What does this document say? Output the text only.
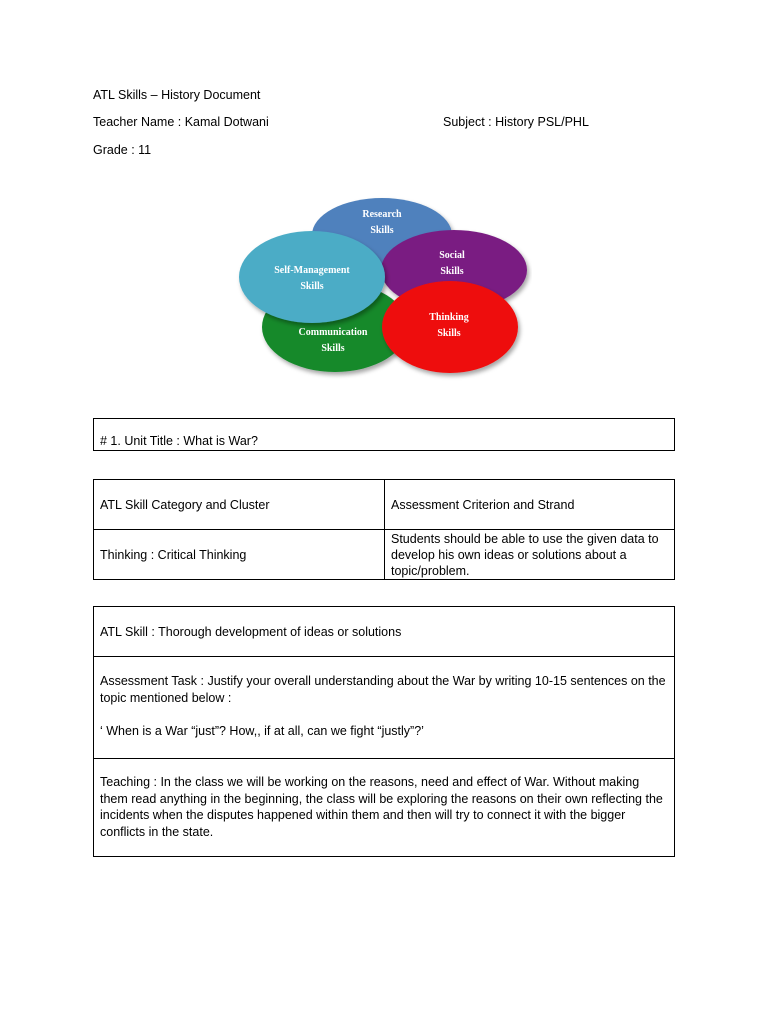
ATL Skills – History Document
Teacher Name : Kamal Dotwani	Subject : History PSL/PHL
Grade : 11
Research
Skills
Social
Skills
Communication
Skills
Thinking
Skills
Self-Management
Skills
# 1. Unit Title : What is War?
ATL Skill Category and Cluster	Assessment Criterion and Strand
Thinking : Critical Thinking
Students should be able to use the given data to develop his own ideas or solutions about a topic/problem.
ATL Skill : Thorough development of ideas or solutions

Assessment Task : Justify your overall understanding about the War by writing 10-15 sentences on the topic mentioned below :

‘ When is a War “just”? How,, if at all, can we fight “justly”?’

Teaching : In the class we will be working on the reasons, need and effect of War. Without making them read anything in the beginning, the class will be exploring the reasons on their own reflecting the incidents when the disputes happened within them and then will try to connect it with the bigger conflicts in the state.
